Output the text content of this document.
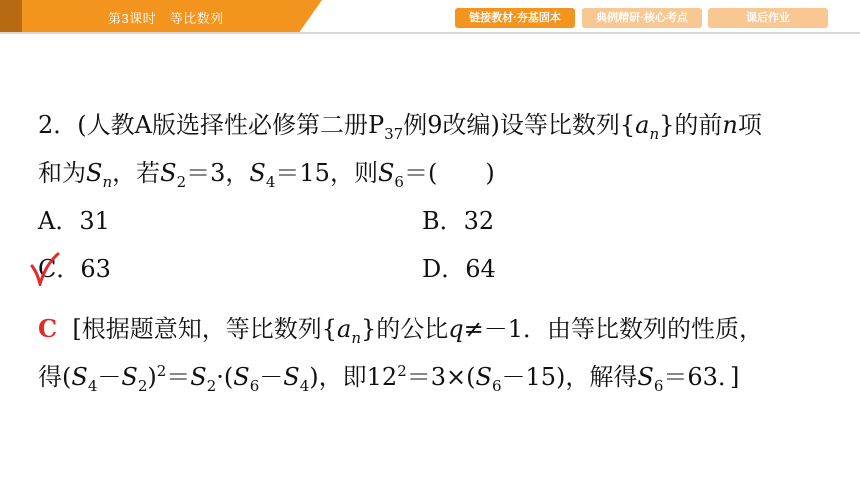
第3课时　等比数列	链接教材·夯基固本	典例精研·核心考点	课后作业
2．(人教A版选择性必修第二册$P_{37}$例9改编)设等比数列$\{a_n\}$的前n项
和为$S_n$，若$S_2=3$，$S_4=15$，则$S_6=$(　　)
A．31	B．32
C．63	D．64
C [根据题意知，等比数列$\{a_n\}$的公比q≠－1．由等比数列的性质，
得$(S_4-S_2)^2=S_2\cdot(S_6-S_4)$，即$12^2=3\times(S_6-15)$，解得$S_6=63$．]
